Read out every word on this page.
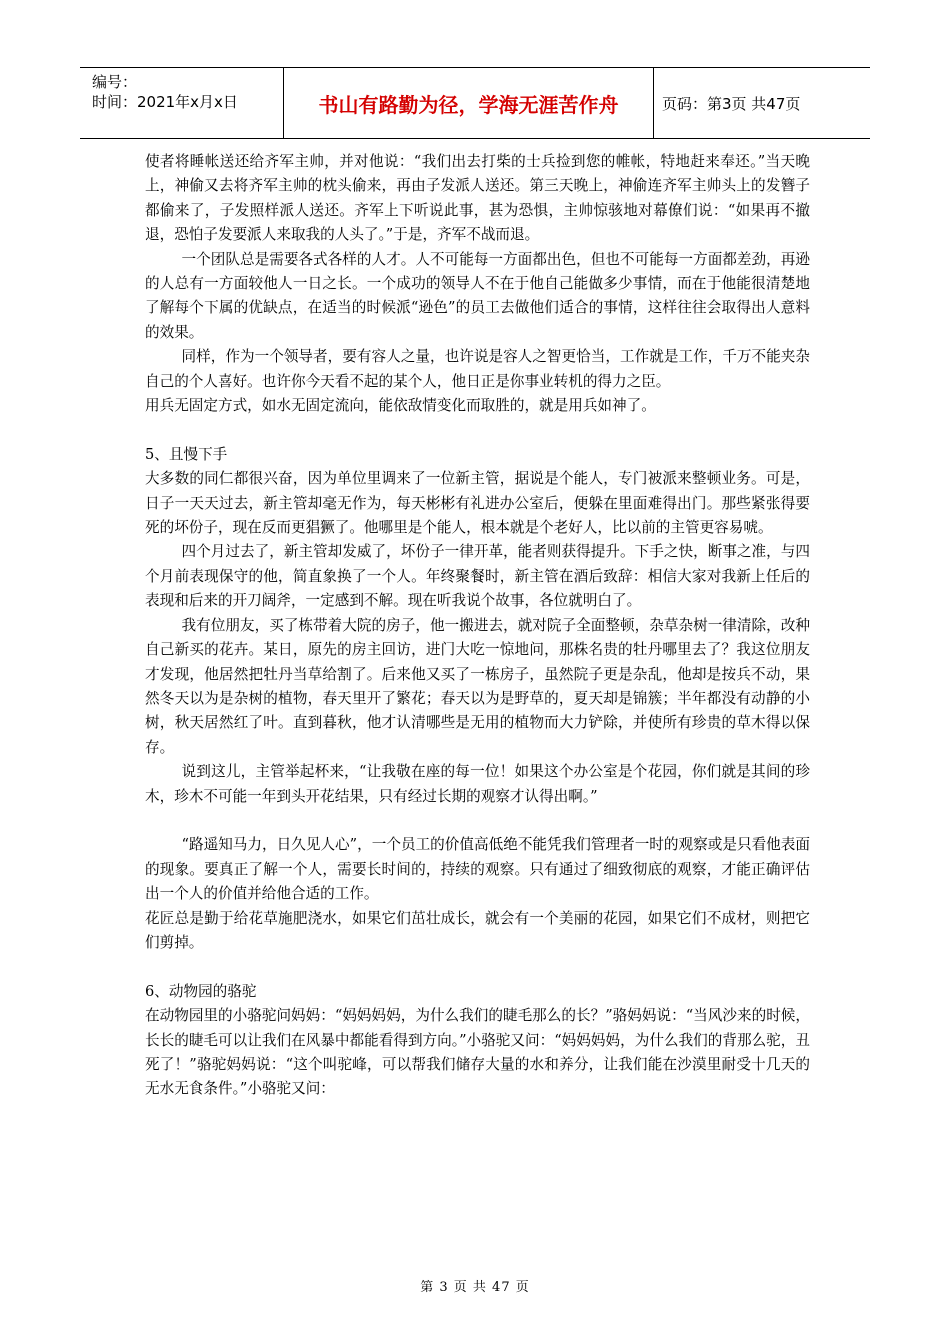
编号：
时间：2021年x月x日	书山有路勤为径，学海无涯苦作舟	页码：第3页 共47页

使者将睡帐送还给齐军主帅，并对他说：“我们出去打柴的士兵捡到您的帷帐，特地赶来奉还。”当天晚上，神偷又去将齐军主帅的枕头偷来，再由子发派人送还。第三天晚上，神偷连齐军主帅头上的发簪子都偷来了，子发照样派人送还。齐军上下听说此事，甚为恐惧，主帅惊骇地对幕僚们说：“如果再不撤退，恐怕子发要派人来取我的人头了。”于是，齐军不战而退。

一个团队总是需要各式各样的人才。人不可能每一方面都出色，但也不可能每一方面都差劲，再逊的人总有一方面较他人一日之长。一个成功的领导人不在于他自己能做多少事情，而在于他能很清楚地了解每个下属的优缺点，在适当的时候派“逊色”的员工去做他们适合的事情，这样往往会取得出人意料的效果。

同样，作为一个领导者，要有容人之量，也许说是容人之智更恰当，工作就是工作，千万不能夹杂自己的个人喜好。也许你今天看不起的某个人，他日正是你事业转机的得力之臣。

用兵无固定方式，如水无固定流向，能依敌情变化而取胜的，就是用兵如神了。

5、且慢下手

大多数的同仁都很兴奋，因为单位里调来了一位新主管，据说是个能人，专门被派来整顿业务。可是，日子一天天过去，新主管却毫无作为，每天彬彬有礼进办公室后，便躲在里面难得出门。那些紧张得要死的坏份子，现在反而更猖獗了。他哪里是个能人，根本就是个老好人，比以前的主管更容易唬。

四个月过去了，新主管却发威了，坏份子一律开革，能者则获得提升。下手之快，断事之准，与四个月前表现保守的他，简直象换了一个人。年终聚餐时，新主管在酒后致辞：相信大家对我新上任后的表现和后来的开刀阔斧，一定感到不解。现在听我说个故事，各位就明白了。

我有位朋友，买了栋带着大院的房子，他一搬进去，就对院子全面整顿，杂草杂树一律清除，改种自己新买的花卉。某日，原先的房主回访，进门大吃一惊地问，那株名贵的牡丹哪里去了？我这位朋友才发现，他居然把牡丹当草给割了。后来他又买了一栋房子，虽然院子更是杂乱，他却是按兵不动，果然冬天以为是杂树的植物，春天里开了繁花；春天以为是野草的，夏天却是锦簇；半年都没有动静的小树，秋天居然红了叶。直到暮秋，他才认清哪些是无用的植物而大力铲除，并使所有珍贵的草木得以保存。

说到这儿，主管举起杯来，“让我敬在座的每一位！如果这个办公室是个花园，你们就是其间的珍木，珍木不可能一年到头开花结果，只有经过长期的观察才认得出啊。”

“路遥知马力，日久见人心”，一个员工的价值高低绝不能凭我们管理者一时的观察或是只看他表面的现象。要真正了解一个人，需要长时间的，持续的观察。只有通过了细致彻底的观察，才能正确评估出一个人的价值并给他合适的工作。

花匠总是勤于给花草施肥浇水，如果它们茁壮成长，就会有一个美丽的花园，如果它们不成材，则把它们剪掉。

6、动物园的骆驼

在动物园里的小骆驼问妈妈：“妈妈妈妈，为什么我们的睫毛那么的长？”骆妈妈说：“当风沙来的时候，长长的睫毛可以让我们在风暴中都能看得到方向。”小骆驼又问：“妈妈妈妈，为什么我们的背那么驼，丑死了！”骆驼妈妈说：“这个叫驼峰，可以帮我们储存大量的水和养分，让我们能在沙漠里耐受十几天的无水无食条件。”小骆驼又问：

第 3 页 共 47 页
